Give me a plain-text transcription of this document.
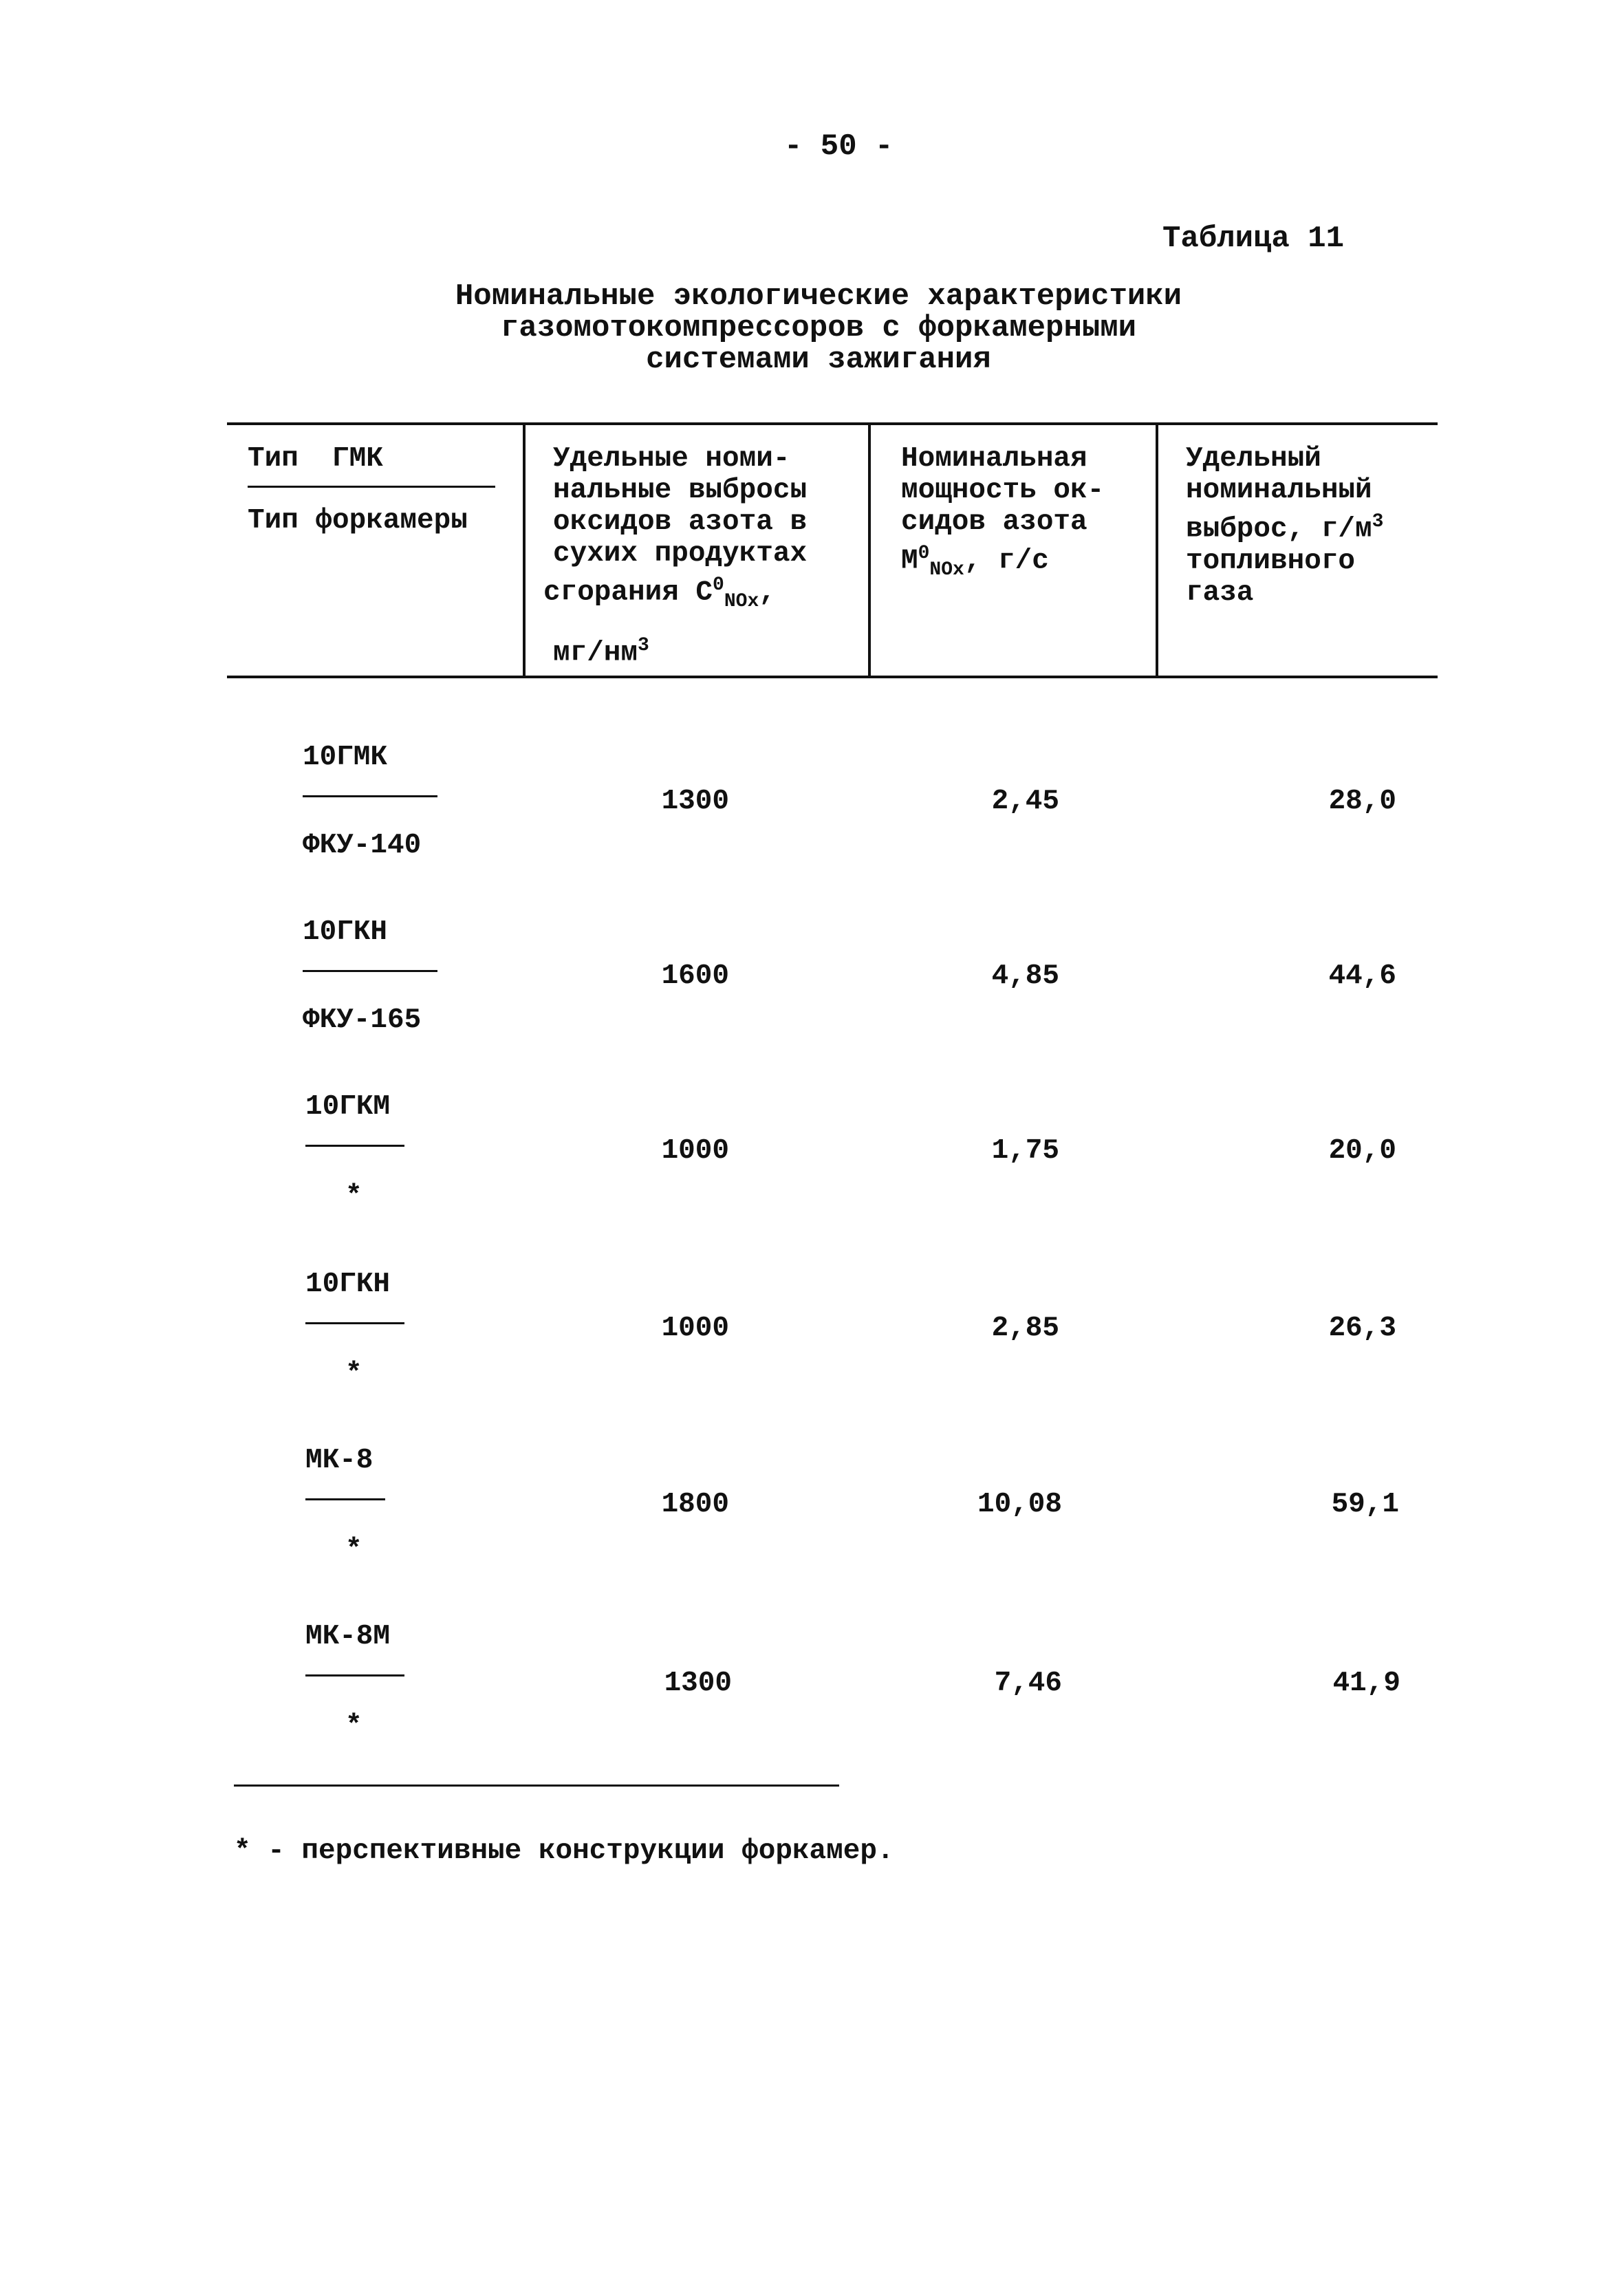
- 50 -
Таблица 11
Номинальные экологические характеристики
газомотокомпрессоров с форкамерными
системами зажигания
Тип  ГМК
Тип форкамеры
Удельные номи-
нальные выбросы
оксидов азота в
сухих продуктах
сгорания $C^0_{NOx}$,
$мг/нм^3$
Номинальная
мощность ок-
сидов азота
$M^0_{NOx}$, г/с
Удельный
номинальный
выброс, $г/м^3$
топливного
газа
10ГМК
ФКУ-140
1300	2,45	28,0
10ГКН
ФКУ-165
1600	4,85	44,6
10ГКМ
*
1000	1,75	20,0
10ГКН
*
1000	2,85	26,3
МК-8
*
1800	10,08	59,1
МК-8М
*
1300	7,46	41,9
* - перспективные конструкции форкамер.
